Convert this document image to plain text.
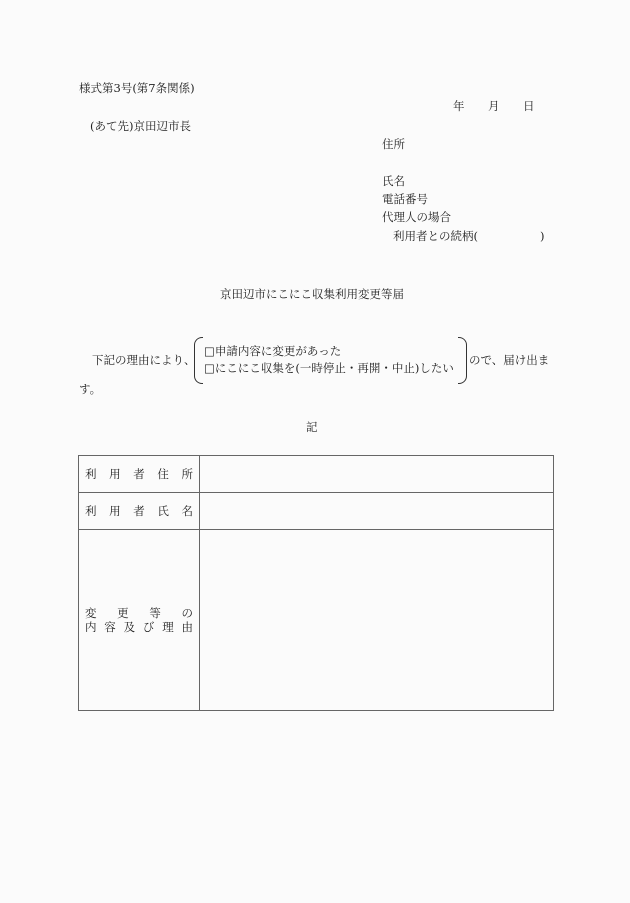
様式第3号(第7条関係)
年 月 日
(あて先)京田辺市長
住所
氏名
電話番号
代理人の場合
利用者との続柄(	)
京田辺市にこにこ収集利用変更等届
下記の理由により、
□申請内容に変更があった
□にこにこ収集を(一時停止・再開・中止)したい
ので、届け出ま
す。
記
利 用 者 住 所	

利 用 者 氏 名	

変 更 等 の
内 容 及 び 理 由
